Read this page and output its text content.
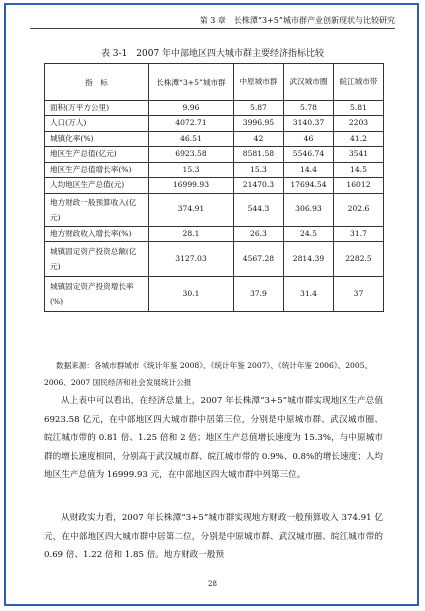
第 3 章　长株潭“3+5”城市群产业创新现状与比较研究
表 3-1　2007 年中部地区四大城市群主要经济指标比较
指　标	长株潭“3+5”城市群	中原城市群	武汉城市圈	皖江城市带
面积(万平方公里)	9.96	5.87	5.78	5.81
人口(万人)	4072.71	3996.95	3140.37	2203
城镇化率(%)	46.51	42	46	41.2
地区生产总值(亿元)	6923.58	8581.58	5546.74	3541
地区生产总值增长率(%)	15.3	15.3	14.4	14.5
人均地区生产总值(元)	16999.93	21470.3	17694.54	16012
地方财政一般预算收入(亿元)	374.91	544.3	306.93	202.6
地方财政收入增长率(%)	28.1	26.3	24.5	31.7
城镇固定资产投资总额(亿元)	3127.03	4567.28	2814.39	2282.5
城镇固定资产投资增长率(%)	30.1	37.9	31.4	37
数据来源：各城市群城市《统计年鉴 2008》、《统计年鉴 2007》、《统计年鉴 2006》、2005、2006、2007 国民经济和社会发展统计公报
从上表中可以看出，在经济总量上，2007 年长株潭“3+5”城市群实现地区生产总值 6923.58 亿元，在中部地区四大城市群中居第三位，分别是中原城市群、武汉城市圈、皖江城市带的 0.81 倍、1.25 倍和 2 倍；地区生产总值增长速度为 15.3%，与中原城市群的增长速度相同，分别高于武汉城市群、皖江城市带的 0.9%、0.8%的增长速度；人均地区生产总值为 16999.93 元，在中部地区四大城市群中列第三位。
从财政实力看，2007 年长株潭“3+5”城市群实现地方财政一般预算收入 374.91 亿元，在中部地区四大城市群中居第二位，分别是中原城市群、武汉城市圈、皖江城市带的 0.69 倍、1.22 倍和 1.85 倍。地方财政一般预
28
